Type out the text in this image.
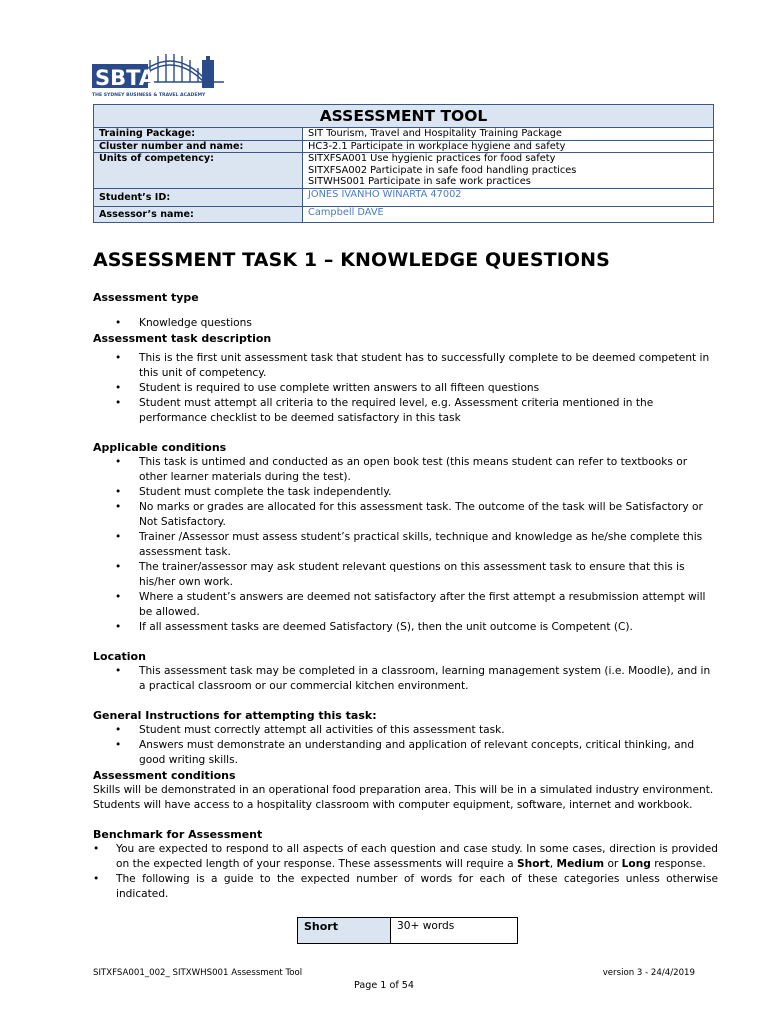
SBTA
THE SYDNEY BUSINESS & TRAVEL ACADEMY
ASSESSMENT TOOL	
Training Package:	SIT Tourism, Travel and Hospitality Training Package
Cluster number and name:	HC3-2.1 Participate in workplace hygiene and safety
Units of competency:	SITXFSA001 Use hygienic practices for food safety
SITXFSA002 Participate in safe food handling practices
SITWHS001 Participate in safe work practices

Student’s ID:	JONES IVANHO WINARTA 47002
Assessor’s name:	Campbell DAVE
ASSESSMENT TASK 1 – KNOWLEDGE QUESTIONS
Assessment type
• Knowledge questions
Assessment task description
• This is the first unit assessment task that student has to successfully complete to be deemed competent in this unit of competency.
• Student is required to use complete written answers to all fifteen questions
• Student must attempt all criteria to the required level, e.g. Assessment criteria mentioned in the performance checklist to be deemed satisfactory in this task
Applicable conditions
• This task is untimed and conducted as an open book test (this means student can refer to textbooks or other learner materials during the test).
• Student must complete the task independently.
• No marks or grades are allocated for this assessment task. The outcome of the task will be Satisfactory or Not Satisfactory.
• Trainer /Assessor must assess student’s practical skills, technique and knowledge as he/she complete this assessment task.
• The trainer/assessor may ask student relevant questions on this assessment task to ensure that this is his/her own work.
• Where a student’s answers are deemed not satisfactory after the first attempt a resubmission attempt will be allowed.
• If all assessment tasks are deemed Satisfactory (S), then the unit outcome is Competent (C).
Location
• This assessment task may be completed in a classroom, learning management system (i.e. Moodle), and in a practical classroom or our commercial kitchen environment.
General Instructions for attempting this task:
• Student must correctly attempt all activities of this assessment task.
• Answers must demonstrate an understanding and application of relevant concepts, critical thinking, and good writing skills.
Assessment conditions

Skills will be demonstrated in an operational food preparation area. This will be in a simulated industry environment.

Students will have access to a hospitality classroom with computer equipment, software, internet and workbook.

Benchmark for Assessment
• You are expected to respond to all aspects of each question and case study. In some cases, direction is provided on the expected length of your response. These assessments will require a Short, Medium or Long response.
• The following is a guide to the expected number of words for each of these categories unless otherwise indicated.
Short	30+ words
SITXFSA001_002_ SITXWHS001 Assessment Tool	version 3 - 24/4/2019
Page 1 of 54
